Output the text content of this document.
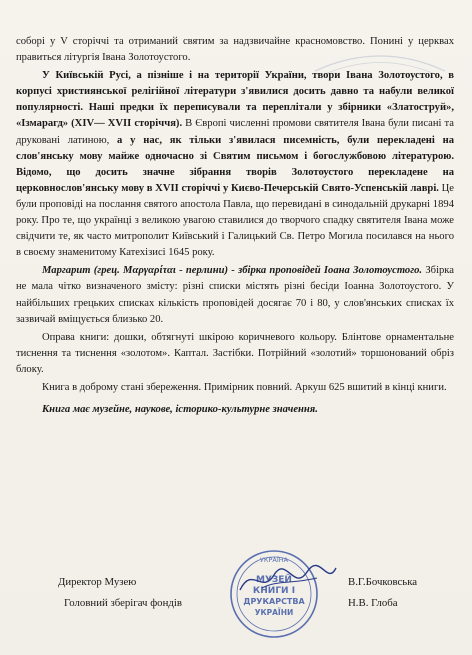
соборі у V сторіччі та отриманий святим за надзвичайне красномовство. Понині у церквах правиться літургія Івана Золотоустого.

У Київській Русі, а пізніше і на території України, твори Івана Золотоустого, в корпусі християнської релігійної літератури з'явилися досить давно та набули великої популярності. Наші предки їх переписували та переплітали у збірники «Златоструй», «Ізмарагд» (XIV— XVII сторіччя). В Європі численні промови святителя Івана були писані та друковані латиною, а у нас, як тільки з'явилася писемність, були перекладені на слов'янську мову майже одночасно зі Святим письмом і богослужбовою літературою. Відомо, що досить значне зібрання творів Золотоустого перекладене на церковнослов'янську мову в XVII сторіччі у Києво-Печерській Свято-Успенській лаврі. Це були проповіді на послання святого апостола Павла, що перевидані в синодальній друкарні 1894 року. Про те, що українці з великою увагою ставилися до творчого спадку святителя Івана може свідчити те, як часто митрополит Київський і Галицький Св. Петро Могила посилався на нього в своєму знаменитому Катехізисі 1645 року.

Маргарит (грец. Μαργαρίται - перлини) - збірка проповідей Іоана Золотоустого. Збірка не мала чітко визначеного змісту: різні списки містять різні бесіди Іоанна Золотоустого. У найбільших грецьких списках кількість проповідей досягає 70 і 80, у слов'янських списках їх зазвичай вміщується близько 20.

Оправа книги: дошки, обтягнуті шкірою коричневого кольору. Блінтове орнаментальне тиснення та тиснення «золотом». Каптал. Застібки. Потрійний «золотий» торшонований обріз блоку.

Книга в доброму стані збереження. Примірник повний. Аркуш 625 вшитий в кінці книги.

Книга має музейне, наукове, історико-культурне значення.

УКРАЇНА
МУЗЕЙ
КНИГИ І
ДРУКАРСТВА
УКРАЇНИ
Директор Музею
Головний зберігач фондів
В.Г.Бочковська
Н.В. Глоба
